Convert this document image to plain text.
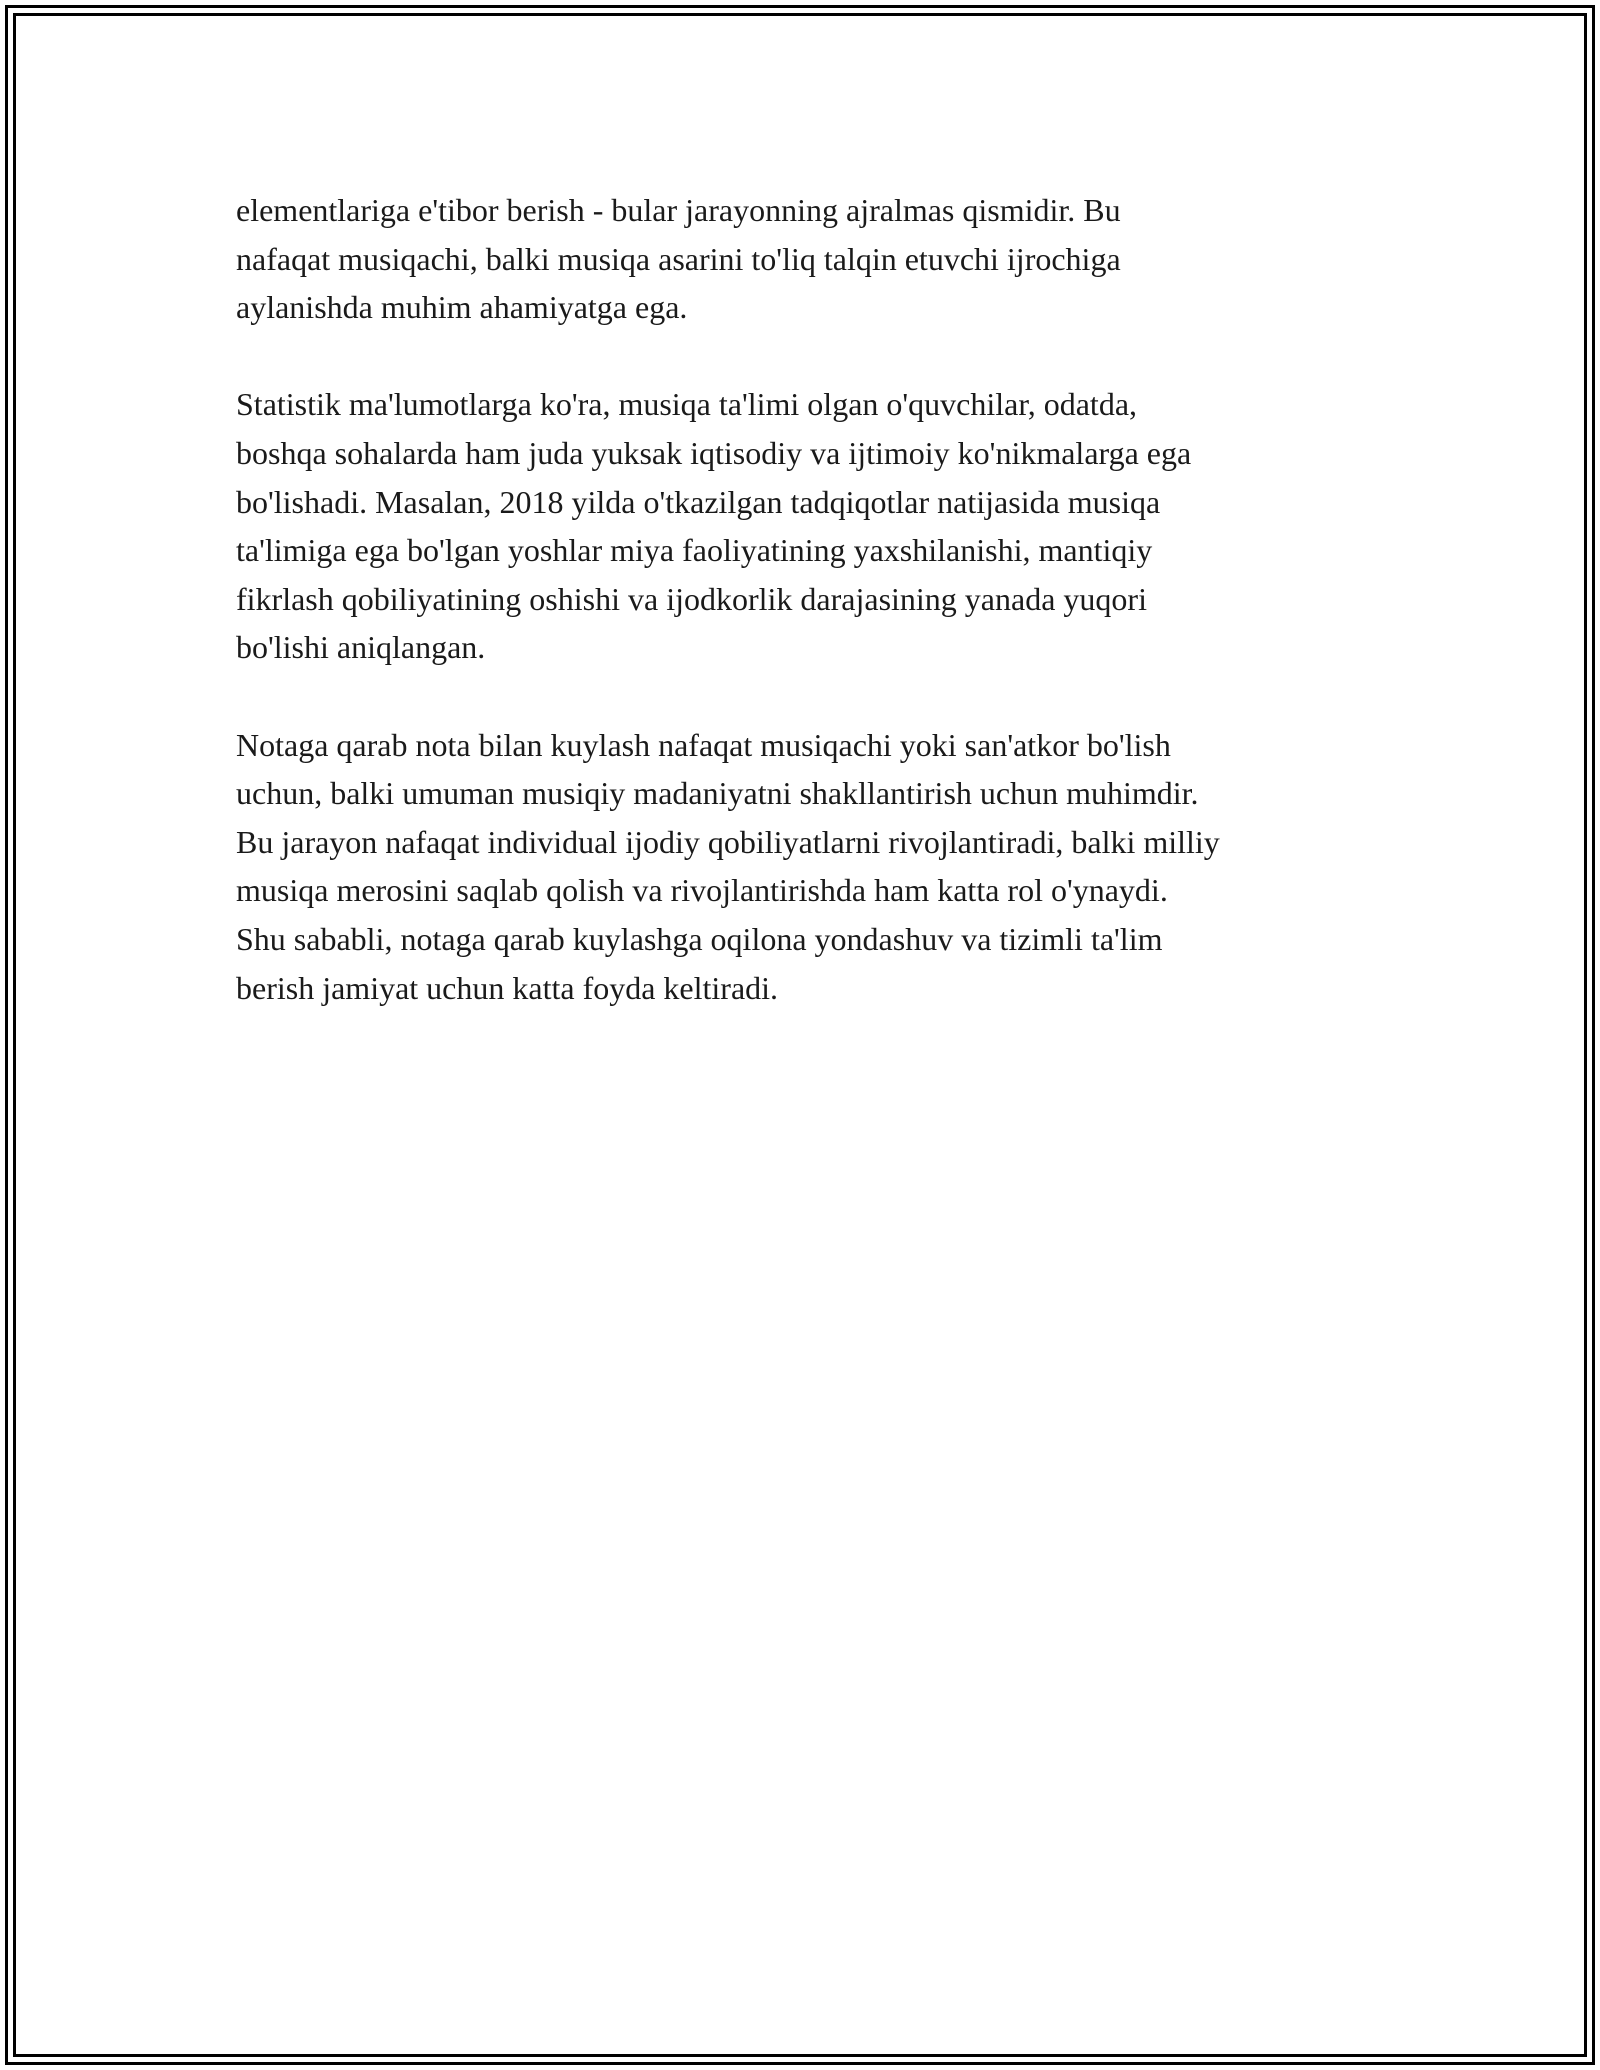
elementlariga e'tibor berish - bular jarayonning ajralmas qismidir. Bu
nafaqat musiqachi, balki musiqa asarini to'liq talqin etuvchi ijrochiga
aylanishda muhim ahamiyatga ega.

Statistik ma'lumotlarga ko'ra, musiqa ta'limi olgan o'quvchilar, odatda,
boshqa sohalarda ham juda yuksak iqtisodiy va ijtimoiy ko'nikmalarga ega
bo'lishadi. Masalan, 2018 yilda o'tkazilgan tadqiqotlar natijasida musiqa
ta'limiga ega bo'lgan yoshlar miya faoliyatining yaxshilanishi, mantiqiy
fikrlash qobiliyatining oshishi va ijodkorlik darajasining yanada yuqori
bo'lishi aniqlangan.

Notaga qarab nota bilan kuylash nafaqat musiqachi yoki san'atkor bo'lish
uchun, balki umuman musiqiy madaniyatni shakllantirish uchun muhimdir.
Bu jarayon nafaqat individual ijodiy qobiliyatlarni rivojlantiradi, balki milliy
musiqa merosini saqlab qolish va rivojlantirishda ham katta rol o'ynaydi.
Shu sababli, notaga qarab kuylashga oqilona yondashuv va tizimli ta'lim
berish jamiyat uchun katta foyda keltiradi.
